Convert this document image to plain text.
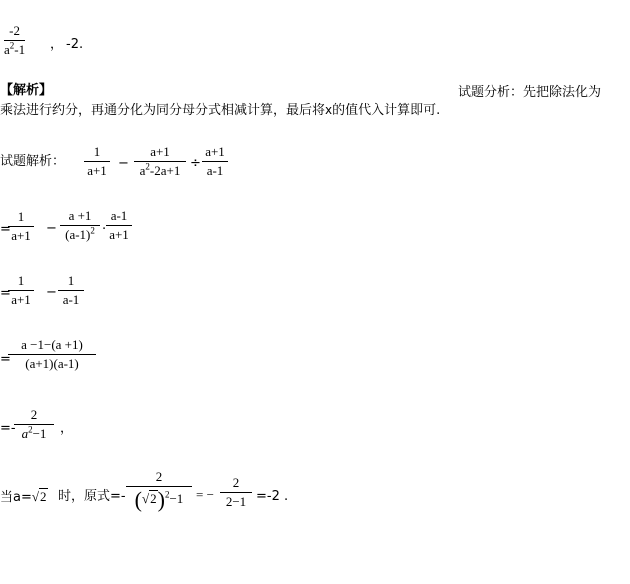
-2
$a^2-1$ ， -2.
【解析】	试题分析：先把除法化为
乘法进行约分，再通分化为同分母分式相减计算，最后将x的值代入计算即可.
试题解析：
1
a+1 −
a+1
$a^2-2a+1$ ÷
a+1
a-1
=
1
a+1 −
a +1
$(a-1)^2$ ·
a-1
a+1
=
1
a+1 −
1
a-1
=
a −1−(a +1)
(a+1)(a-1)
=-
2
$a^2-1$	，
当a=√2 时，原式=-
2
$(√2)^2-1$ = −
2
2−1 =-2 .
